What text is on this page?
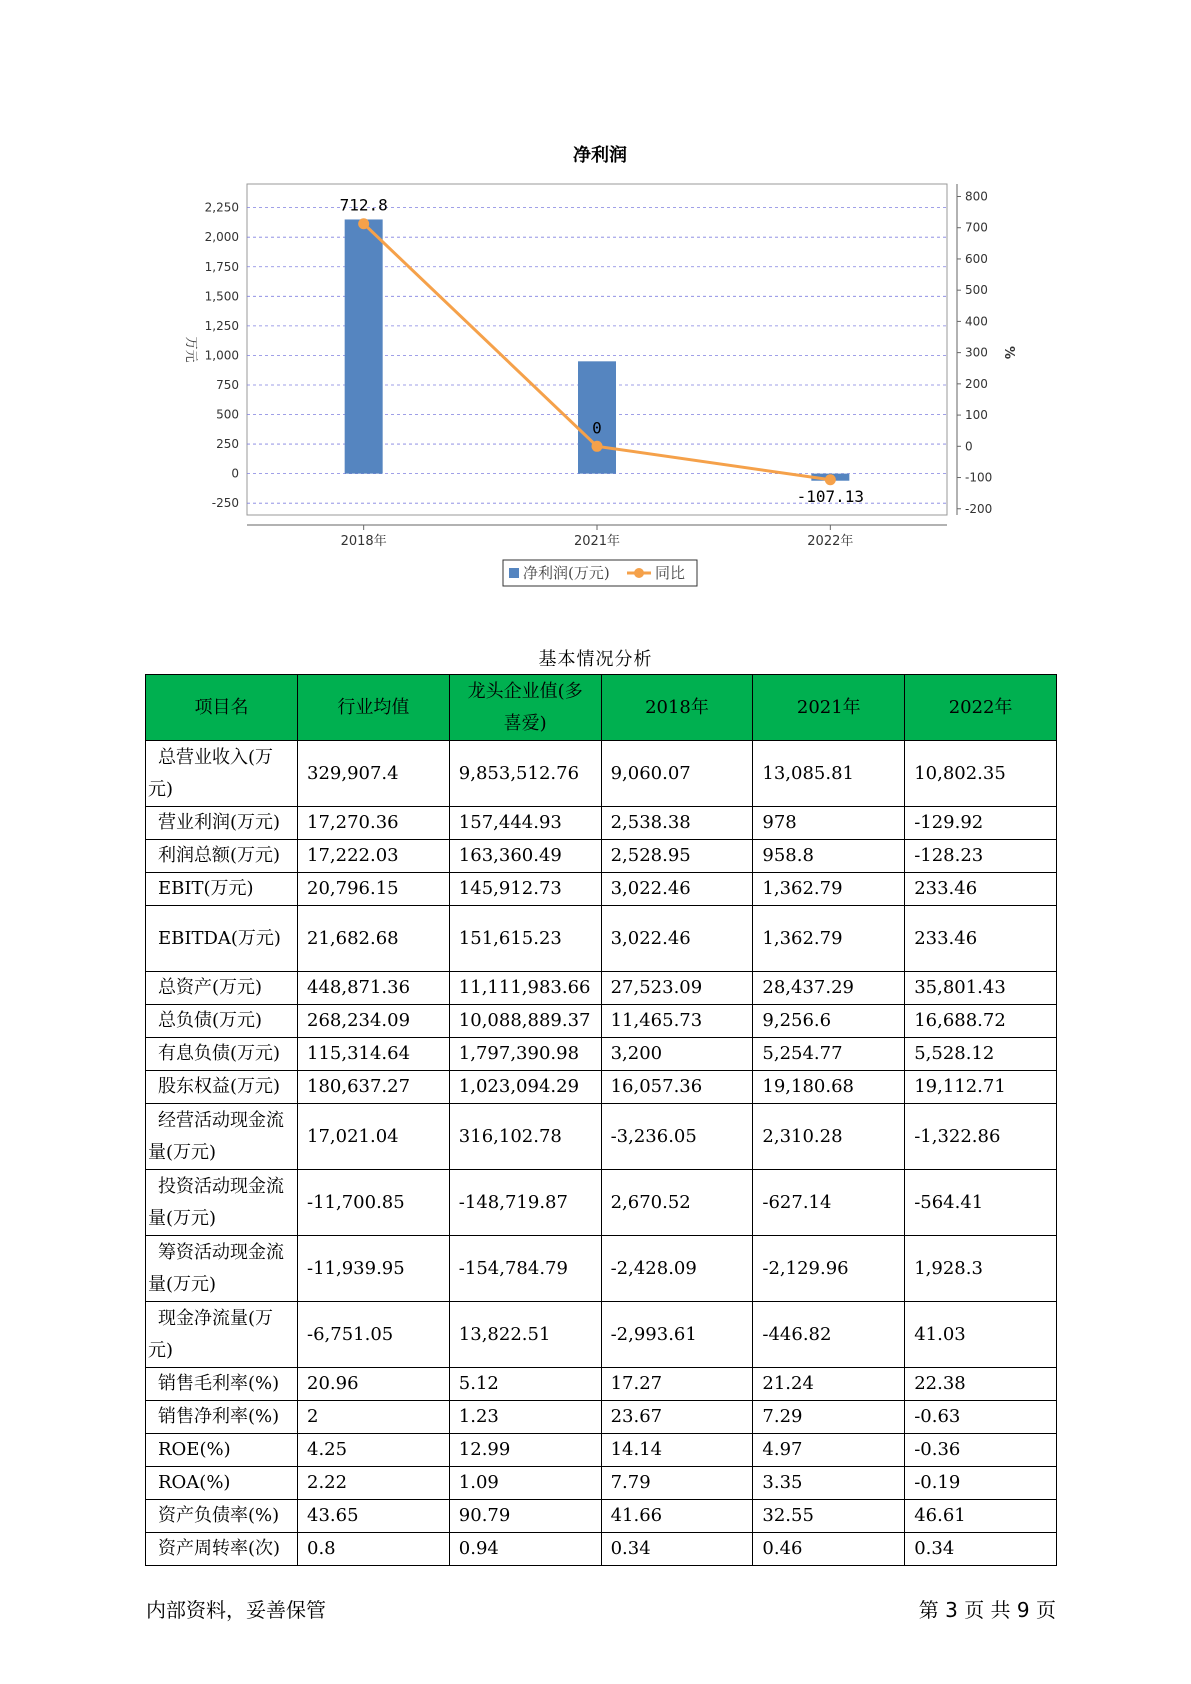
净利润
712.8
0
-107.13
-250
0
250
500
750
1,000
1,250
1,500
1,750
2,000
2,250
-200
-100
0
100
200
300
400
500
600
700
800
2018年	2021年	2022年
万元	%
净利润(万元)	同比
基本情况分析
项目名	行业均值	龙头企业值(多喜爱)	2018年	2021年	2022年
总营业收入(万元)	329,907.4	9,853,512.76	9,060.07	13,085.81	10,802.35
营业利润(万元)	17,270.36	157,444.93	2,538.38	978	-129.92
利润总额(万元)	17,222.03	163,360.49	2,528.95	958.8	-128.23
EBIT(万元)	20,796.15	145,912.73	3,022.46	1,362.79	233.46
EBITDA(万元)	21,682.68	151,615.23	3,022.46	1,362.79	233.46
总资产(万元)	448,871.36	11,111,983.66	27,523.09	28,437.29	35,801.43
总负债(万元)	268,234.09	10,088,889.37	11,465.73	9,256.6	16,688.72
有息负债(万元)	115,314.64	1,797,390.98	3,200	5,254.77	5,528.12
股东权益(万元)	180,637.27	1,023,094.29	16,057.36	19,180.68	19,112.71
经营活动现金流量(万元)	17,021.04	316,102.78	-3,236.05	2,310.28	-1,322.86
投资活动现金流量(万元)	-11,700.85	-148,719.87	2,670.52	-627.14	-564.41
筹资活动现金流量(万元)	-11,939.95	-154,784.79	-2,428.09	-2,129.96	1,928.3
现金净流量(万元)	-6,751.05	13,822.51	-2,993.61	-446.82	41.03
销售毛利率(%)	20.96	5.12	17.27	21.24	22.38
销售净利率(%)	2	1.23	23.67	7.29	-0.63
ROE(%)	4.25	12.99	14.14	4.97	-0.36
ROA(%)	2.22	1.09	7.79	3.35	-0.19
资产负债率(%)	43.65	90.79	41.66	32.55	46.61
资产周转率(次)	0.8	0.94	0.34	0.46	0.34
内部资料，妥善保管	第 3 页 共 9 页
